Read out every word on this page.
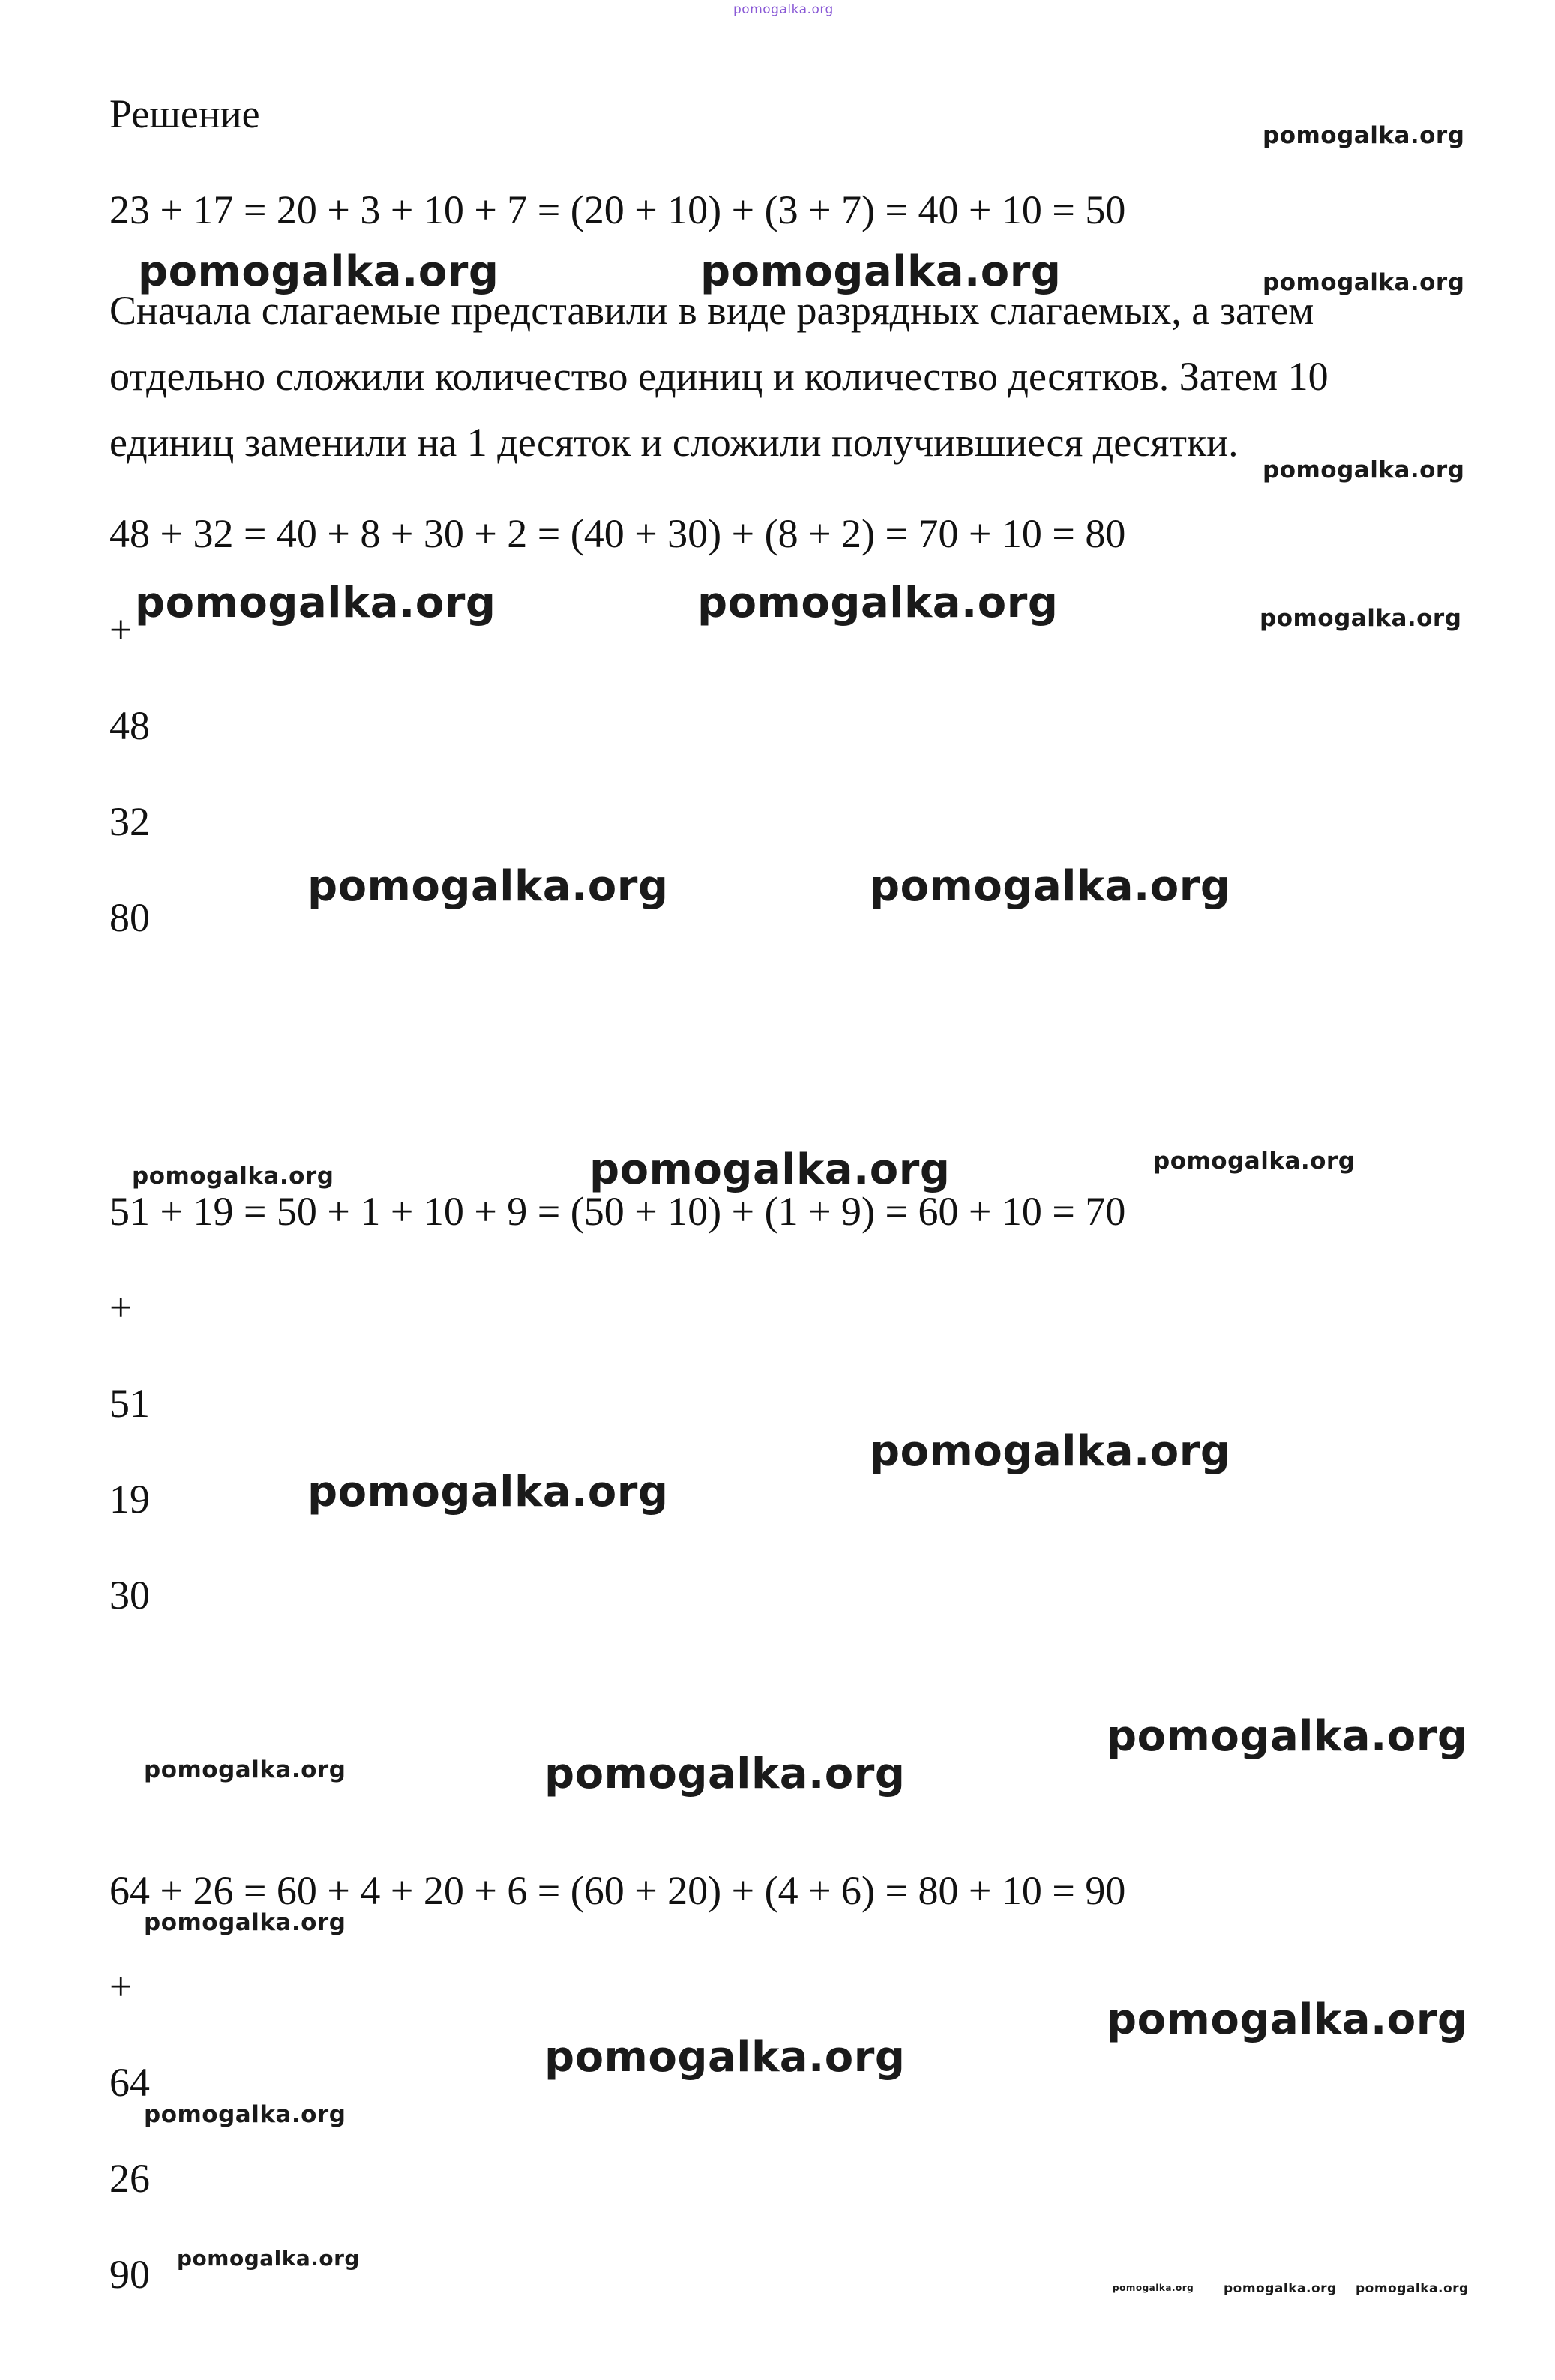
pomogalka.org
Решение

23 + 17 = 20 + 3 + 10 + 7 = (20 + 10) + (3 + 7) = 40 + 10 = 50

Сначала слагаемые представили в виде разрядных слагаемых, а затем отдельно сложили количество единиц и количество десятков. Затем 10 единиц заменили на 1 десяток и сложили получившиеся десятки.

48 + 32 = 40 + 8 + 30 + 2 = (40 + 30) + (8 + 2) = 70 + 10 = 80

+

48

32

80

51 + 19 = 50 + 1 + 10 + 9 = (50 + 10) + (1 + 9) = 60 + 10 = 70

+

51

19

30

64 + 26 = 60 + 4 + 20 + 6 = (60 + 20) + (4 + 6) = 80 + 10 = 90

+

64

26

90

pomogalka.org
pomogalka.org	pomogalka.org	pomogalka.org
pomogalka.org
pomogalka.org	pomogalka.org	pomogalka.org
pomogalka.org	pomogalka.org
pomogalka.org	pomogalka.org	pomogalka.org
pomogalka.org
pomogalka.org
pomogalka.org
pomogalka.org	pomogalka.org
pomogalka.org
pomogalka.org
pomogalka.org
pomogalka.org
pomogalka.org
pomogalka.org pomogalka.org pomogalka.org
